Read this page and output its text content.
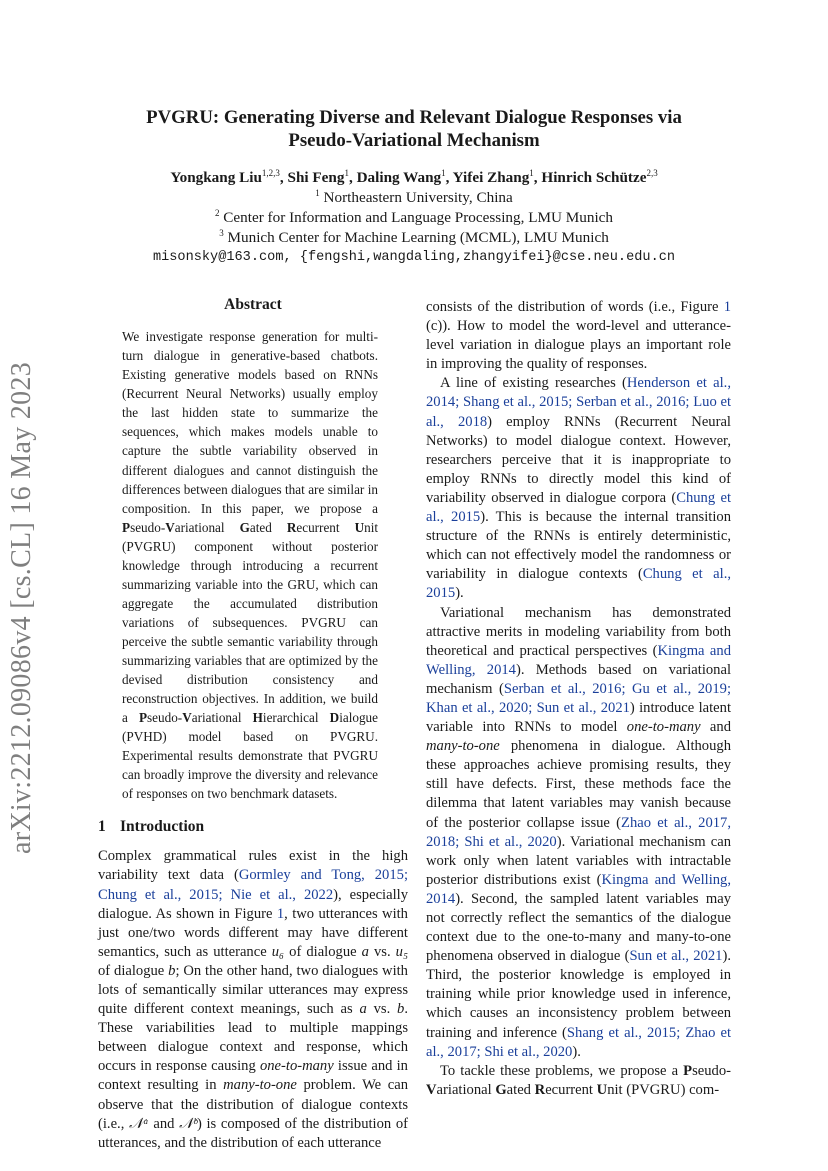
arXiv:2212.09086v4 [cs.CL] 16 May 2023
PVGRU: Generating Diverse and Relevant Dialogue Responses via
Pseudo-Variational Mechanism
Yongkang Liu$^{1,2,3}$, Shi Feng$^1$, Daling Wang$^1$, Yifei Zhang$^1$, Hinrich Schütze$^{2,3}$
$^1$ Northeastern University, China
$^2$ Center for Information and Language Processing, LMU Munich
$^3$ Munich Center for Machine Learning (MCML), LMU Munich
misonsky@163.com, {fengshi,wangdaling,zhangyifei}@cse.neu.edu.cn
Abstract

We investigate response generation for multi-turn dialogue in generative-based chatbots. Existing generative models based on RNNs (Recurrent Neural Networks) usually employ the last hidden state to summarize the sequences, which makes models unable to capture the subtle variability observed in different dialogues and cannot distinguish the differences between dialogues that are similar in composition. In this paper, we propose a Pseudo-Variational Gated Recurrent Unit (PVGRU) component without posterior knowledge through introducing a recurrent summarizing variable into the GRU, which can aggregate the accumulated distribution variations of subsequences. PVGRU can perceive the subtle semantic variability through summarizing variables that are optimized by the devised distribution consistency and reconstruction objectives. In addition, we build a Pseudo-Variational Hierarchical Dialogue (PVHD) model based on PVGRU. Experimental results demonstrate that PVGRU can broadly improve the diversity and relevance of responses on two benchmark datasets.

1 Introduction

Complex grammatical rules exist in the high variability text data (Gormley and Tong, 2015; Chung et al., 2015; Nie et al., 2022), especially dialogue. As shown in Figure 1, two utterances with just one/two words different may have different semantics, such as utterance u₆ of dialogue a vs. u₅ of dialogue b; On the other hand, two dialogues with lots of semantically similar utterances may express quite different context meanings, such as a vs. b. These variabilities lead to multiple mappings between dialogue context and response, which occurs in response causing one-to-many issue and in context resulting in many-to-one problem. We can observe that the distribution of dialogue contexts (i.e., 𝒩ᵃ and 𝒩ᵇ) is composed of the distribution of utterances, and the distribution of each utterance

consists of the distribution of words (i.e., Figure 1 (c)). How to model the word-level and utterance-level variation in dialogue plays an important role in improving the quality of responses.

A line of existing researches (Henderson et al., 2014; Shang et al., 2015; Serban et al., 2016; Luo et al., 2018) employ RNNs (Recurrent Neural Networks) to model dialogue context. However, researchers perceive that it is inappropriate to employ RNNs to directly model this kind of variability observed in dialogue corpora (Chung et al., 2015). This is because the internal transition structure of the RNNs is entirely deterministic, which can not effectively model the randomness or variability in dialogue contexts (Chung et al., 2015).

Variational mechanism has demonstrated attractive merits in modeling variability from both theoretical and practical perspectives (Kingma and Welling, 2014). Methods based on variational mechanism (Serban et al., 2016; Gu et al., 2019; Khan et al., 2020; Sun et al., 2021) introduce latent variable into RNNs to model one-to-many and many-to-one phenomena in dialogue. Although these approaches achieve promising results, they still have defects. First, these methods face the dilemma that latent variables may vanish because of the posterior collapse issue (Zhao et al., 2017, 2018; Shi et al., 2020). Variational mechanism can work only when latent variables with intractable posterior distributions exist (Kingma and Welling, 2014). Second, the sampled latent variables may not correctly reflect the semantics of the dialogue context due to the one-to-many and many-to-one phenomena observed in dialogue (Sun et al., 2021). Third, the posterior knowledge is employed in training while prior knowledge used in inference, which causes an inconsistency problem between training and inference (Shang et al., 2015; Zhao et al., 2017; Shi et al., 2020).

To tackle these problems, we propose a Pseudo-Variational Gated Recurrent Unit (PVGRU) com-
